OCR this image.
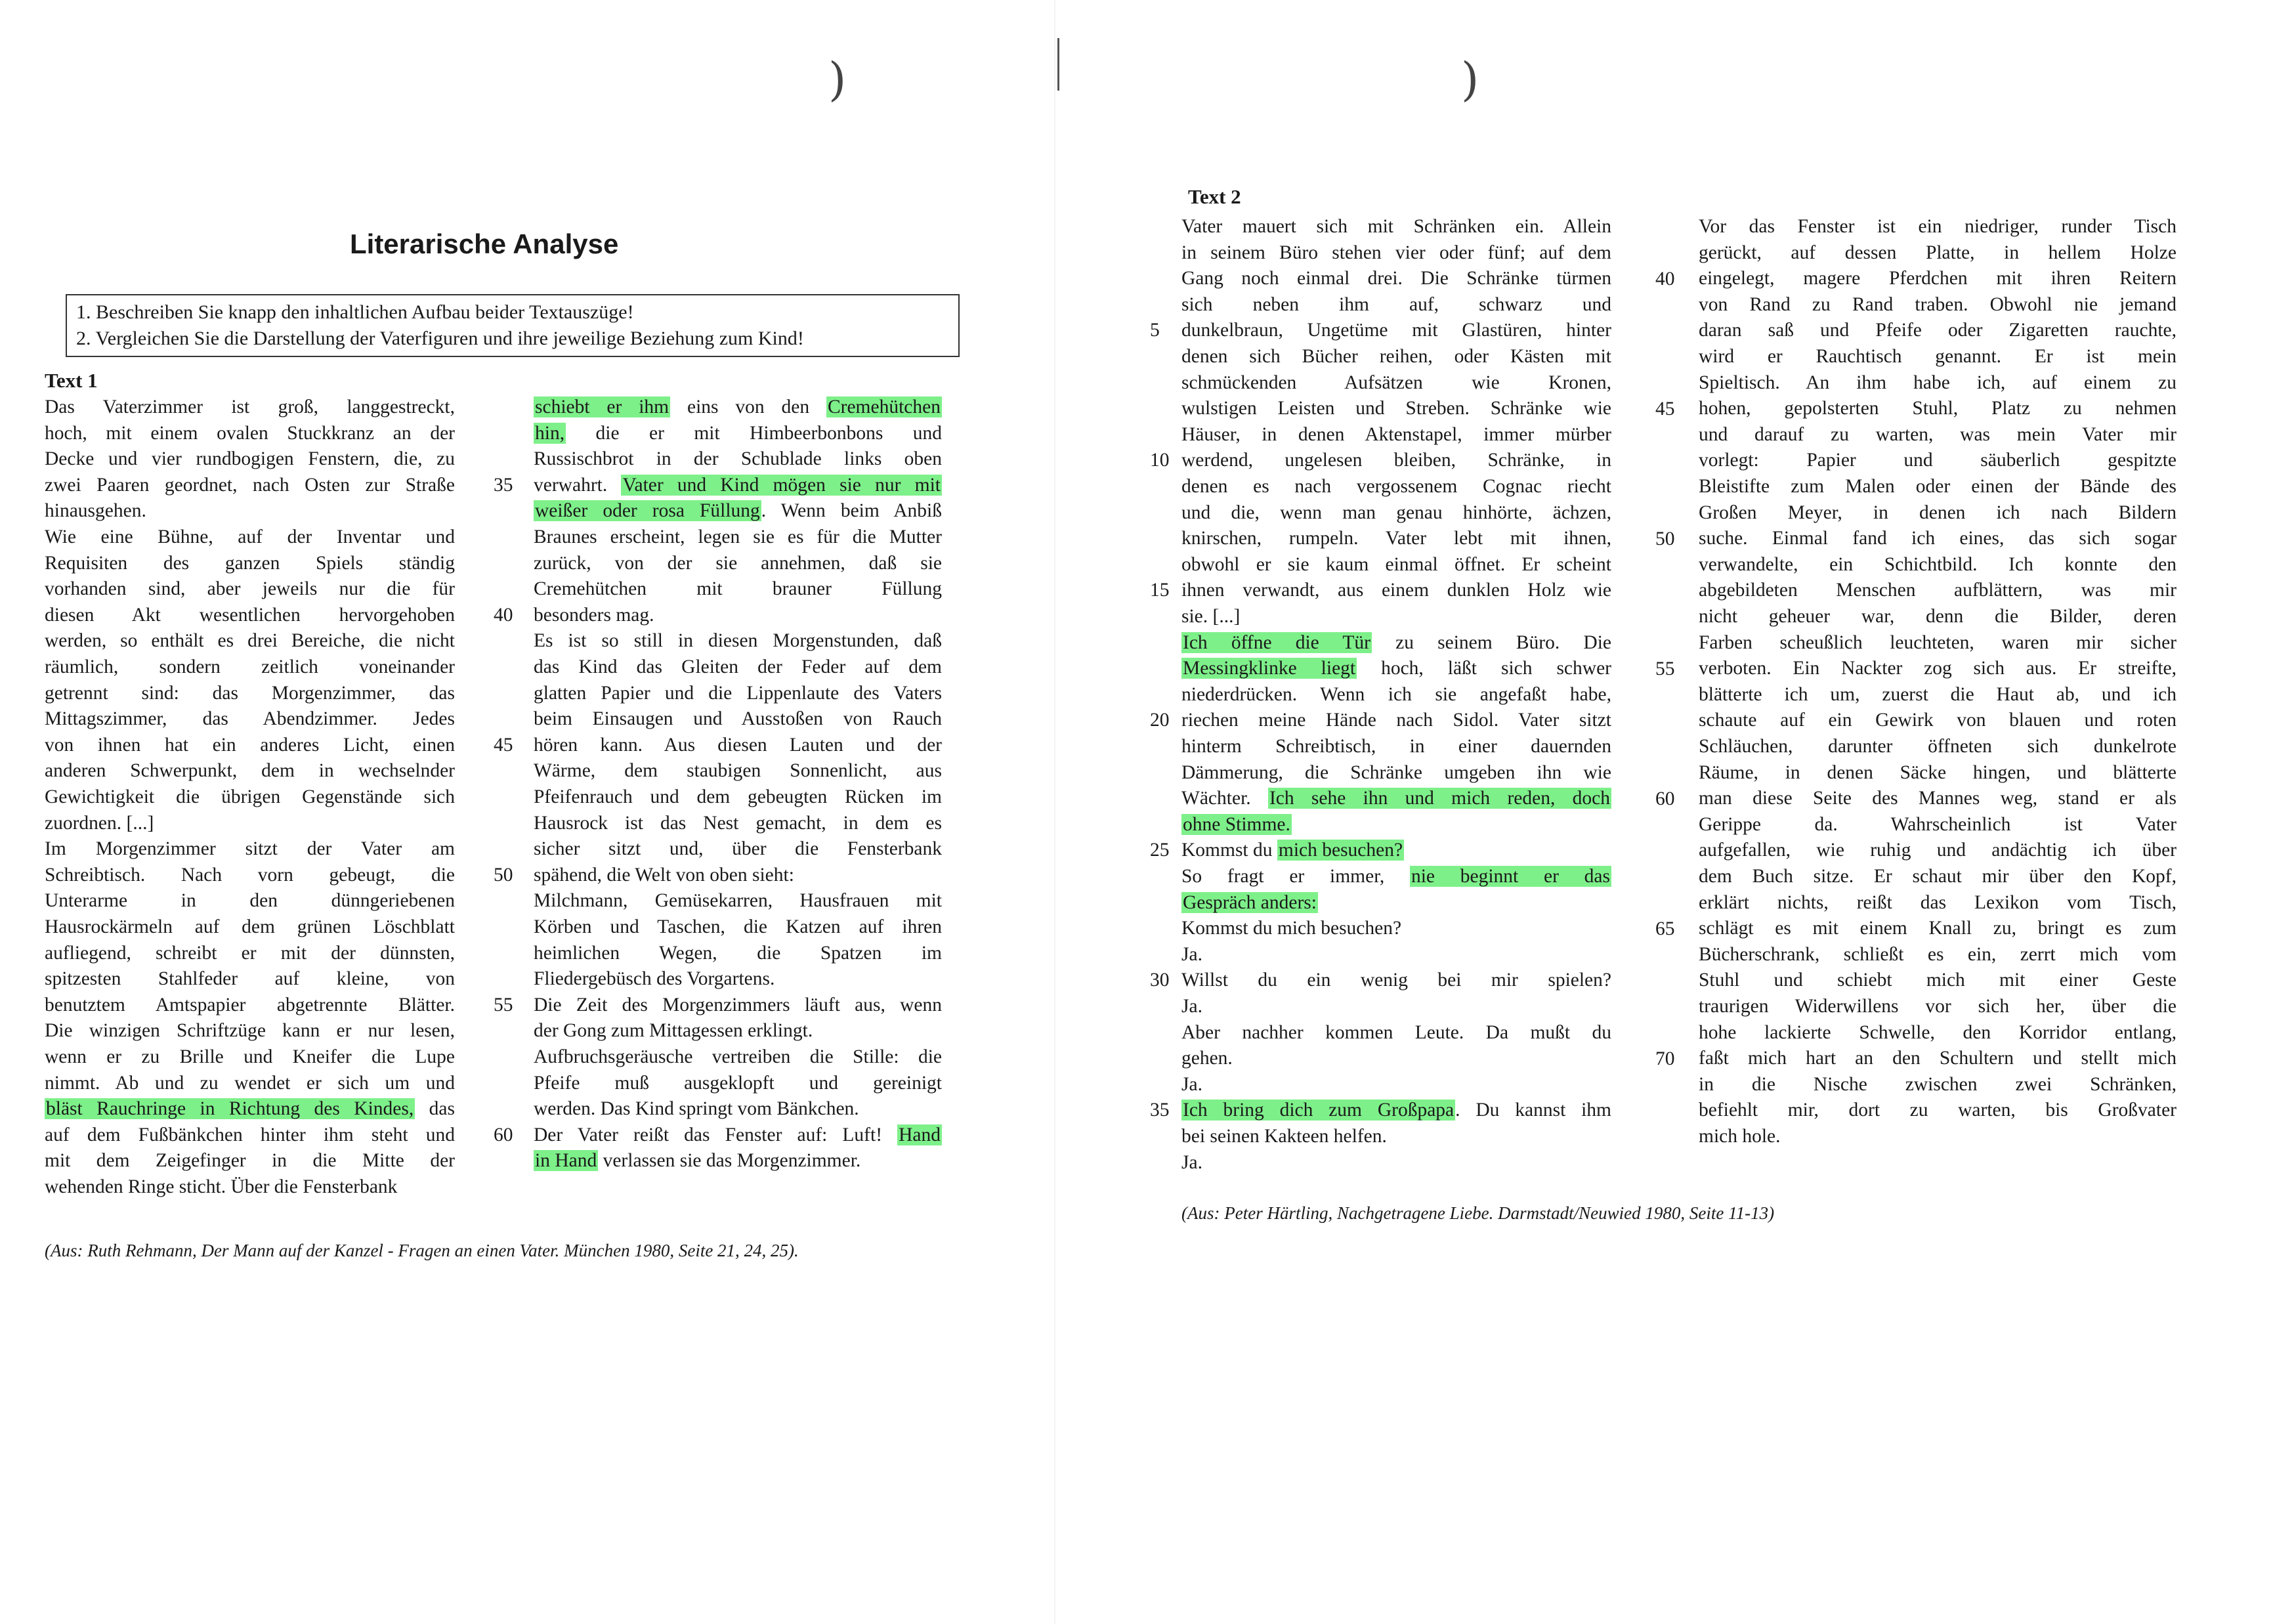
)	)
Literarische Analyse
1. Beschreiben Sie knapp den inhaltlichen Aufbau beider Textauszüge!
2. Vergleichen Sie die Darstellung der Vaterfiguren und ihre jeweilige Beziehung zum Kind!
Text 1
Das Vaterzimmer ist groß, langgestreckt,
hoch, mit einem ovalen Stuckkranz an der
Decke und vier rundbogigen Fenstern, die, zu
zwei Paaren geordnet, nach Osten zur Straße
hinausgehen.
Wie eine Bühne, auf der Inventar und
Requisiten des ganzen Spiels ständig
vorhanden sind, aber jeweils nur die für
diesen Akt wesentlichen hervorgehoben
werden, so enthält es drei Bereiche, die nicht
räumlich, sondern zeitlich voneinander
getrennt sind: das Morgenzimmer, das
Mittagszimmer, das Abendzimmer. Jedes
von ihnen hat ein anderes Licht, einen
anderen Schwerpunkt, dem in wechselnder
Gewichtigkeit die übrigen Gegenstände sich
zuordnen. [...]
Im Morgenzimmer sitzt der Vater am
Schreibtisch. Nach vorn gebeugt, die
Unterarme in den dünngeriebenen
Hausrockärmeln auf dem grünen Löschblatt
aufliegend, schreibt er mit der dünnsten,
spitzesten Stahlfeder auf kleine, von
benutztem Amtspapier abgetrennte Blätter.
Die winzigen Schriftzüge kann er nur lesen,
wenn er zu Brille und Kneifer die Lupe
nimmt. Ab und zu wendet er sich um und
bläst Rauchringe in Richtung des Kindes, das
auf dem Fußbänkchen hinter ihm steht und
mit dem Zeigefinger in die Mitte der
wehenden Ringe sticht. Über die Fensterbank
schiebt er ihm eins von den Cremehütchen
hin, die er mit Himbeerbonbons und
Russischbrot in der Schublade links oben
verwahrt. Vater und Kind mögen sie nur mit
weißer oder rosa Füllung. Wenn beim Anbiß
Braunes erscheint, legen sie es für die Mutter
zurück, von der sie annehmen, daß sie
Cremehütchen mit brauner Füllung
besonders mag.
Es ist so still in diesen Morgenstunden, daß
das Kind das Gleiten der Feder auf dem
glatten Papier und die Lippenlaute des Vaters
beim Einsaugen und Ausstoßen von Rauch
hören kann. Aus diesen Lauten und der
Wärme, dem staubigen Sonnenlicht, aus
Pfeifenrauch und dem gebeugten Rücken im
Hausrock ist das Nest gemacht, in dem es
sicher sitzt und, über die Fensterbank
spähend, die Welt von oben sieht:
Milchmann, Gemüsekarren, Hausfrauen mit
Körben und Taschen, die Katzen auf ihren
heimlichen Wegen, die Spatzen im
Fliedergebüsch des Vorgartens.
Die Zeit des Morgenzimmers läuft aus, wenn
der Gong zum Mittagessen erklingt.
Aufbruchsgeräusche vertreiben die Stille: die
Pfeife muß ausgeklopft und gereinigt
werden. Das Kind springt vom Bänkchen.
Der Vater reißt das Fenster auf: Luft! Hand
in Hand verlassen sie das Morgenzimmer.
35
40
45
50
55
60
(Aus: Ruth Rehmann, Der Mann auf der Kanzel - Fragen an einen Vater. München 1980, Seite 21, 24, 25).
Text 2
Vater mauert sich mit Schränken ein. Allein
in seinem Büro stehen vier oder fünf; auf dem
Gang noch einmal drei. Die Schränke türmen
sich neben ihm auf, schwarz und
dunkelbraun, Ungetüme mit Glastüren, hinter
denen sich Bücher reihen, oder Kästen mit
schmückenden Aufsätzen wie Kronen,
wulstigen Leisten und Streben. Schränke wie
Häuser, in denen Aktenstapel, immer mürber
werdend, ungelesen bleiben, Schränke, in
denen es nach vergossenem Cognac riecht
und die, wenn man genau hinhörte, ächzen,
knirschen, rumpeln. Vater lebt mit ihnen,
obwohl er sie kaum einmal öffnet. Er scheint
ihnen verwandt, aus einem dunklen Holz wie
sie. [...]
Ich öffne die Tür zu seinem Büro. Die
Messingklinke liegt hoch, läßt sich schwer
niederdrücken. Wenn ich sie angefaßt habe,
riechen meine Hände nach Sidol. Vater sitzt
hinterm Schreibtisch, in einer dauernden
Dämmerung, die Schränke umgeben ihn wie
Wächter. Ich sehe ihn und mich reden, doch
ohne Stimme.
Kommst du mich besuchen?
So fragt er immer, nie beginnt er das
Gespräch anders:
Kommst du mich besuchen?
Ja.
Willst du ein wenig bei mir spielen?
Ja.
Aber nachher kommen Leute. Da mußt du
gehen.
Ja.
Ich bring dich zum Großpapa. Du kannst ihm
bei seinen Kakteen helfen.
Ja.
5
10
15
20
25
30
35
Vor das Fenster ist ein niedriger, runder Tisch
gerückt, auf dessen Platte, in hellem Holze
eingelegt, magere Pferdchen mit ihren Reitern
von Rand zu Rand traben. Obwohl nie jemand
daran saß und Pfeife oder Zigaretten rauchte,
wird er Rauchtisch genannt. Er ist mein
Spieltisch. An ihm habe ich, auf einem zu
hohen, gepolsterten Stuhl, Platz zu nehmen
und darauf zu warten, was mein Vater mir
vorlegt: Papier und säuberlich gespitzte
Bleistifte zum Malen oder einen der Bände des
Großen Meyer, in denen ich nach Bildern
suche. Einmal fand ich eines, das sich sogar
verwandelte, ein Schichtbild. Ich konnte den
abgebildeten Menschen aufblättern, was mir
nicht geheuer war, denn die Bilder, deren
Farben scheußlich leuchteten, waren mir sicher
verboten. Ein Nackter zog sich aus. Er streifte,
blätterte ich um, zuerst die Haut ab, und ich
schaute auf ein Gewirk von blauen und roten
Schläuchen, darunter öffneten sich dunkelrote
Räume, in denen Säcke hingen, und blätterte
man diese Seite des Mannes weg, stand er als
Gerippe da. Wahrscheinlich ist Vater
aufgefallen, wie ruhig und andächtig ich über
dem Buch sitze. Er schaut mir über den Kopf,
erklärt nichts, reißt das Lexikon vom Tisch,
schlägt es mit einem Knall zu, bringt es zum
Bücherschrank, schließt es ein, zerrt mich vom
Stuhl und schiebt mich mit einer Geste
traurigen Widerwillens vor sich her, über die
hohe lackierte Schwelle, den Korridor entlang,
faßt mich hart an den Schultern und stellt mich
in die Nische zwischen zwei Schränken,
befiehlt mir, dort zu warten, bis Großvater
mich hole.
40
45
50
55
60
65
70
(Aus: Peter Härtling, Nachgetragene Liebe. Darmstadt/Neuwied 1980, Seite 11-13)
